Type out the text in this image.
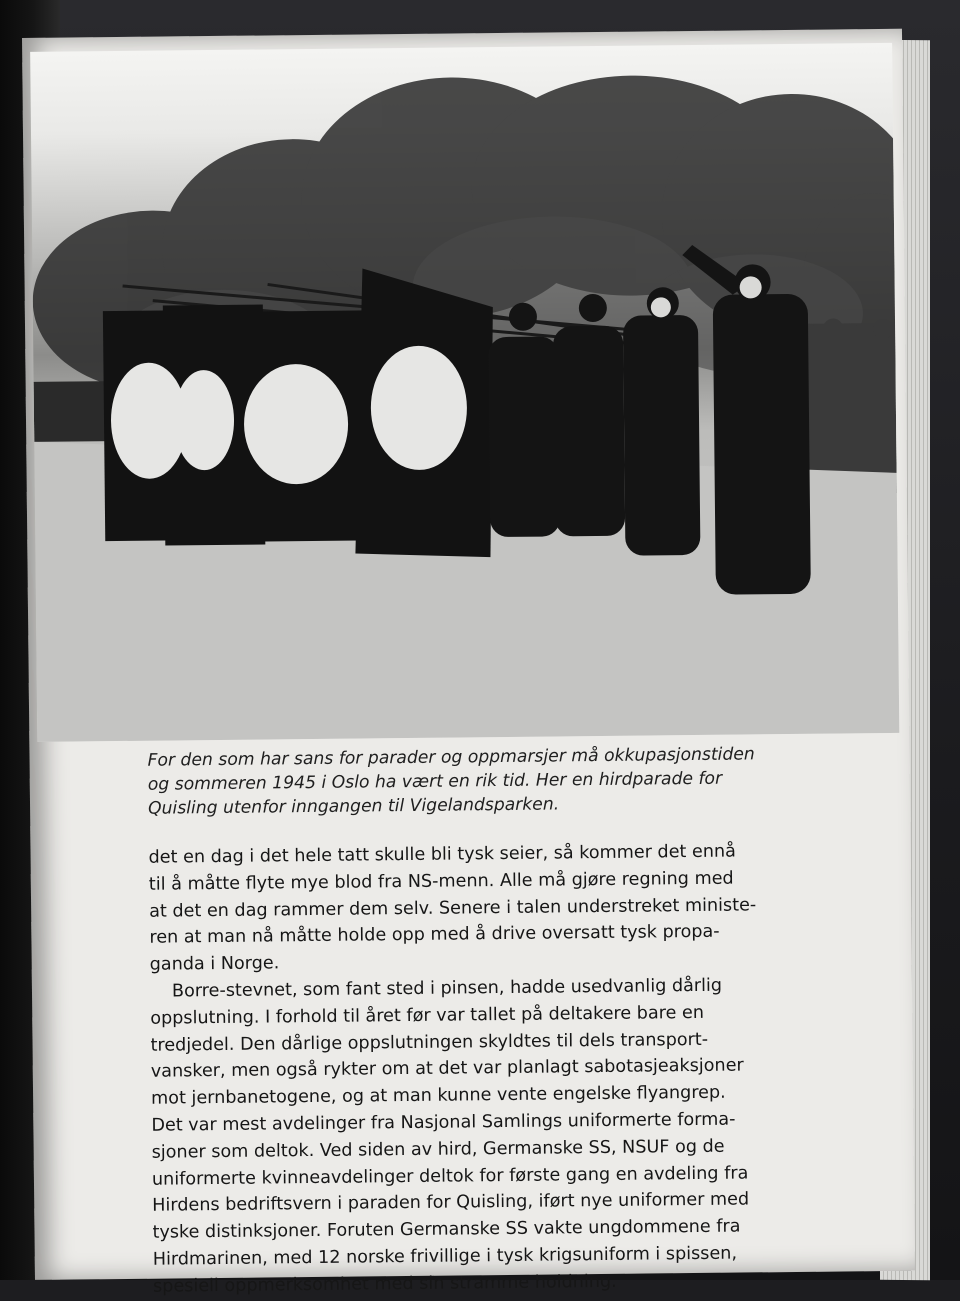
For den som har sans for parader og oppmarsjer må okkupasjonstiden
og sommeren 1945 i Oslo ha vært en rik tid. Her en hirdparade for
Quisling utenfor inngangen til Vigelandsparken.
det en dag i det hele tatt skulle bli tysk seier, så kommer det ennå
til å måtte flyte mye blod fra NS-menn. Alle må gjøre regning med
at det en dag rammer dem selv. Senere i talen understreket ministe-
ren at man nå måtte holde opp med å drive oversatt tysk propa-
ganda i Norge.
Borre-stevnet, som fant sted i pinsen, hadde usedvanlig dårlig
oppslutning. I forhold til året før var tallet på deltakere bare en
tredjedel. Den dårlige oppslutningen skyldtes til dels transport-
vansker, men også rykter om at det var planlagt sabotasjeaksjoner
mot jernbanetogene, og at man kunne vente engelske flyangrep.
Det var mest avdelinger fra Nasjonal Samlings uniformerte forma-
sjoner som deltok. Ved siden av hird, Germanske SS, NSUF og de
uniformerte kvinneavdelinger deltok for første gang en avdeling fra
Hirdens bedriftsvern i paraden for Quisling, iført nye uniformer med
tyske distinksjoner. Foruten Germanske SS vakte ungdommene fra
Hirdmarinen, med 12 norske frivillige i tysk krigsuniform i spissen,
spesiell oppmerksomhet med sin stramme holdning.
